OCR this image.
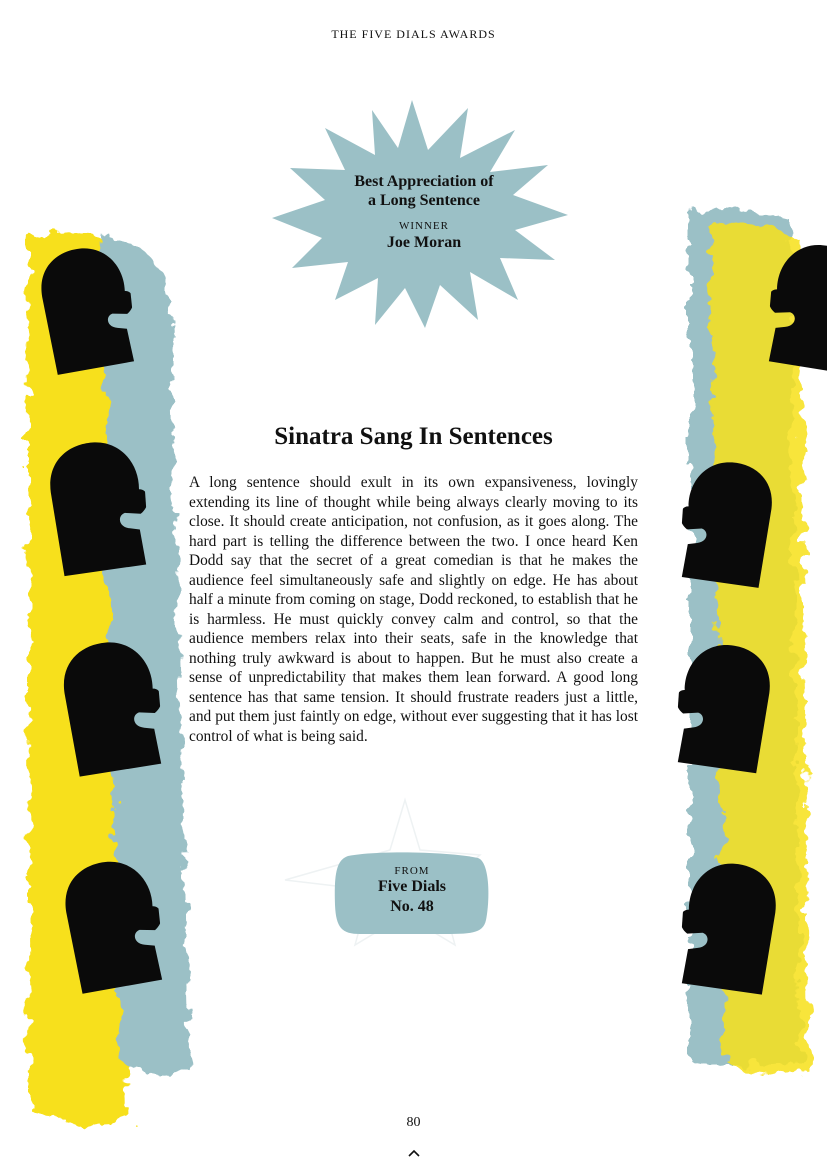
THE FIVE DIALS AWARDS
Best Appreciation of
a Long Sentence
WINNER
Joe Moran
Sinatra Sang In Sentences

A long sentence should exult in its own expansiveness, lovingly extending its line of thought while being always clearly moving to its close. It should create anticipation, not confusion, as it goes along. The hard part is telling the difference between the two. I once heard Ken Dodd say that the secret of a great comedian is that he makes the audience feel simultaneously safe and slightly on edge. He has about half a minute from coming on stage, Dodd reckoned, to establish that he is harmless. He must quickly convey calm and control, so that the audience members relax into their seats, safe in the knowledge that nothing truly awkward is about to happen. But he must also create a sense of unpredictability that makes them lean forward. A good long sentence has that same tension. It should frustrate readers just a little, and put them just faintly on edge, without ever suggesting that it has lost control of what is being said.

FROM
Five Dials
No. 48
80
